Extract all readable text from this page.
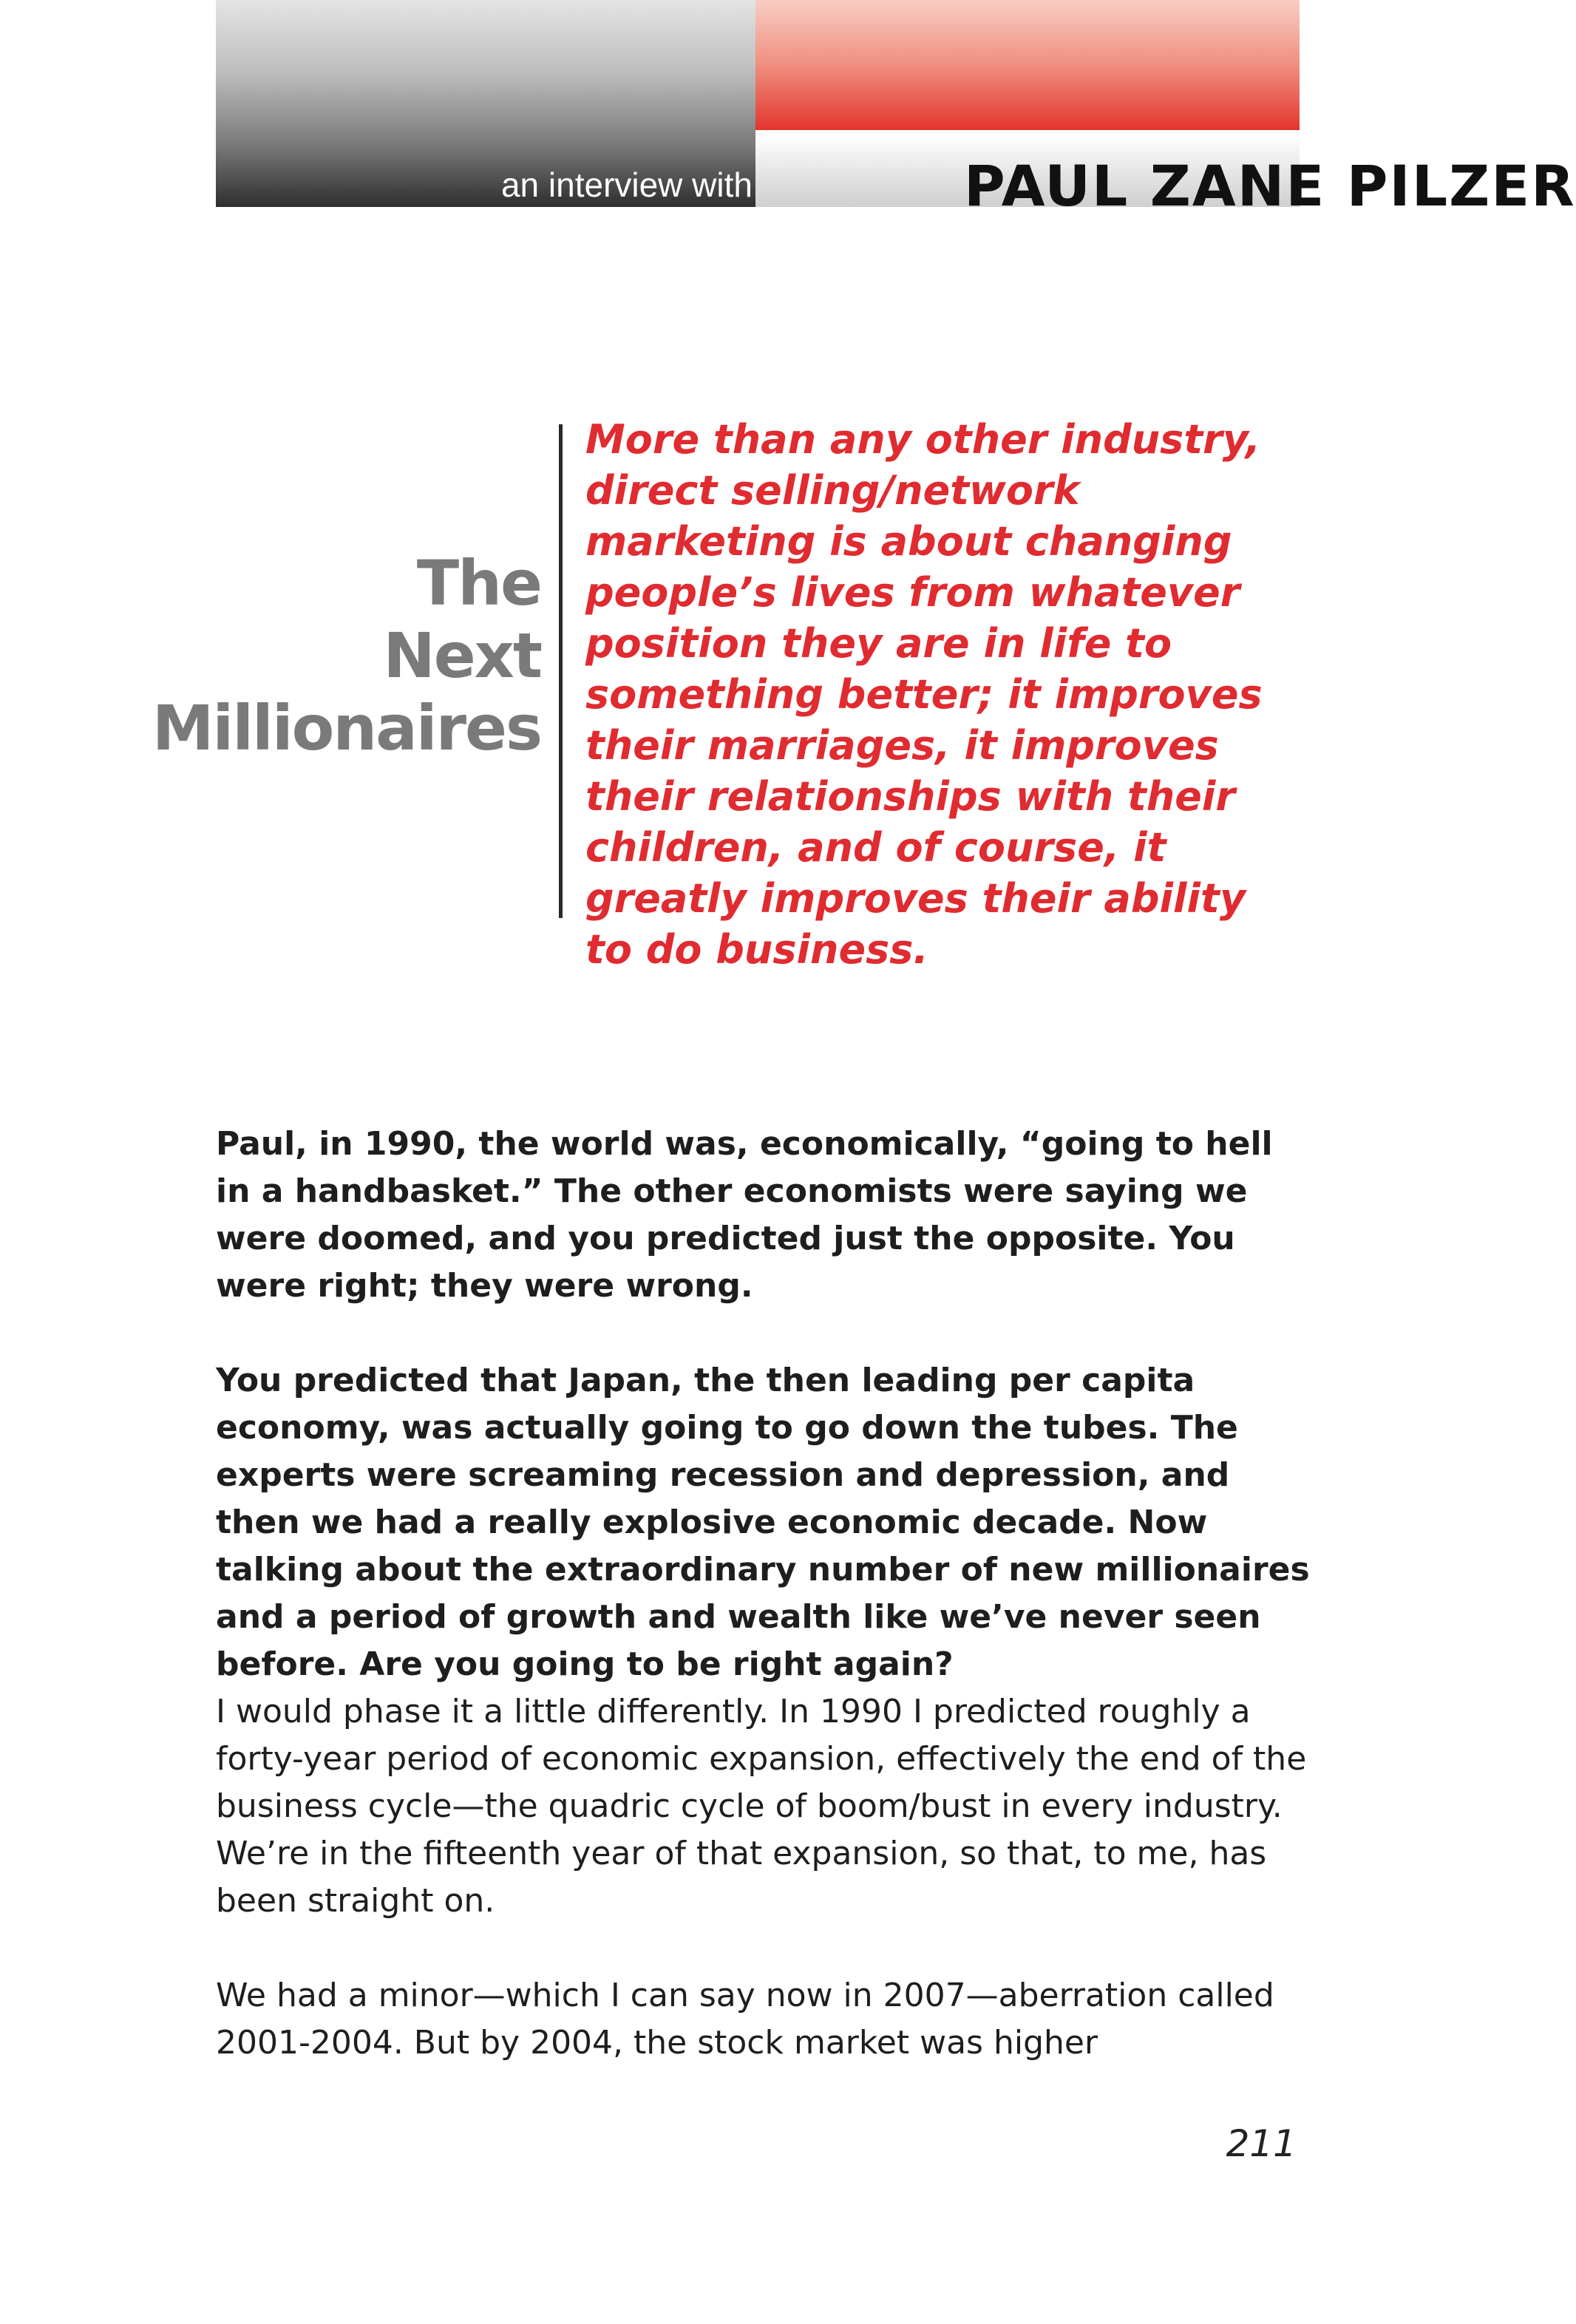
an interview with	PAUL ZANE PILZER
The
Next
Millionaires

More than any other industry, direct selling/network marketing is about changing people’s lives from whatever position they are in life to something better; it improves their marriages, it improves their relationships with their children, and of course, it greatly improves their ability to do business.

Paul, in 1990, the world was, economically, “going to hell in a handbasket.” The other economists were saying we were doomed, and you predicted just the opposite. You were right; they were wrong.

You predicted that Japan, the then leading per capita economy, was actually going to go down the tubes. The experts were screaming recession and depression, and then we had a really explosive economic decade. Now talking about the extraordinary number of new millionaires and a period of growth and wealth like we’ve never seen before. Are you going to be right again?

I would phase it a little differently. In 1990 I predicted roughly a forty-year period of economic expansion, effectively the end of the business cycle—the quadric cycle of boom/bust in every industry. We’re in the fifteenth year of that expansion, so that, to me, has been straight on.

We had a minor—which I can say now in 2007—aberration called 2001-2004. But by 2004, the stock market was higher

211
